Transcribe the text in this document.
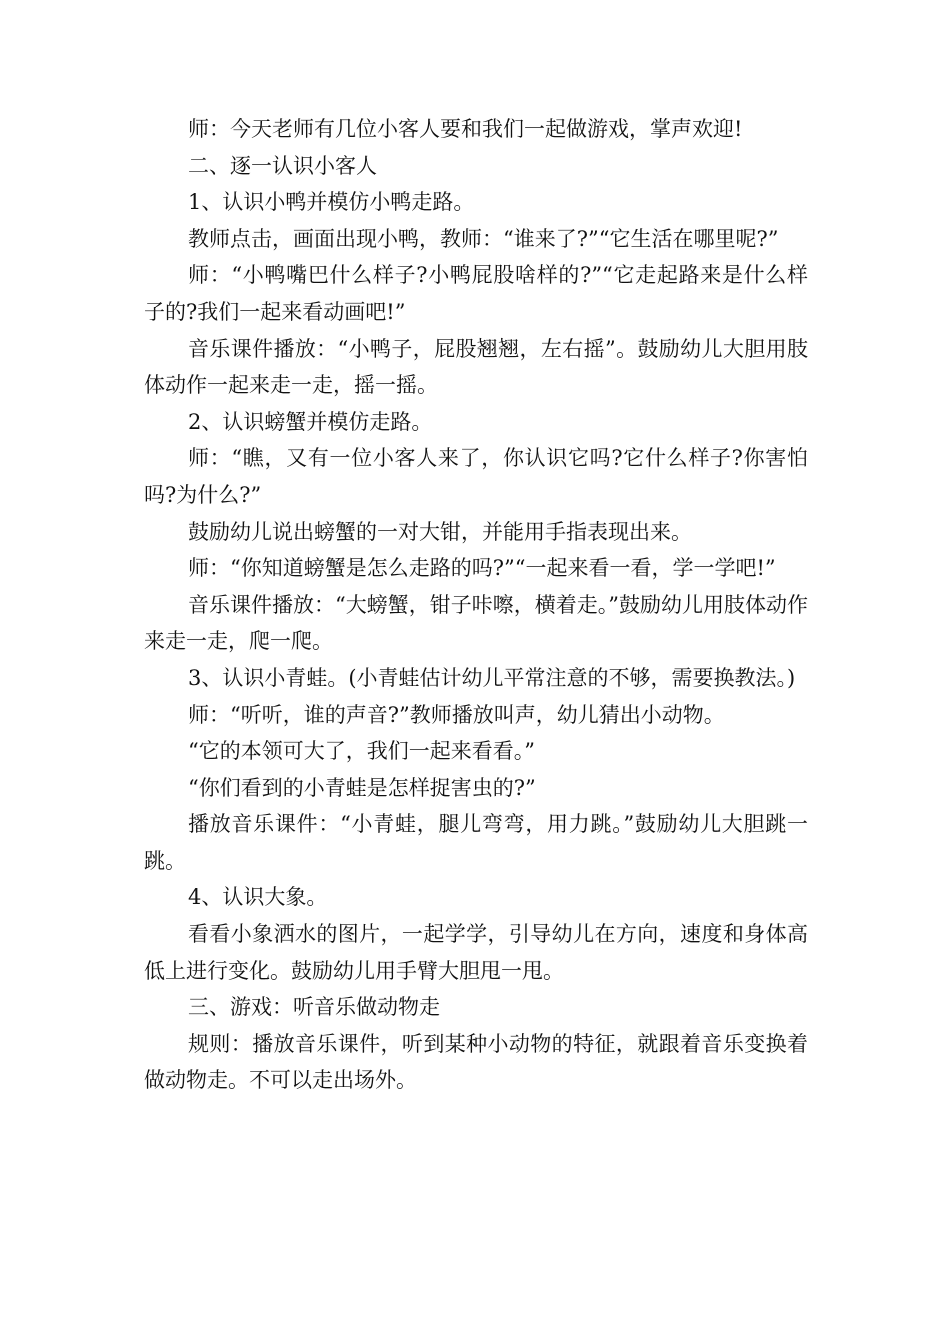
师：今天老师有几位小客人要和我们一起做游戏，掌声欢迎!

二、逐一认识小客人

1、认识小鸭并模仿小鸭走路。

教师点击，画面出现小鸭，教师：“谁来了?”“它生活在哪里呢?”

师：“小鸭嘴巴什么样子?小鸭屁股啥样的?”“它走起路来是什么样子的?我们一起来看动画吧!”

音乐课件播放：“小鸭子，屁股翘翘，左右摇”。鼓励幼儿大胆用肢体动作一起来走一走，摇一摇。

2、认识螃蟹并模仿走路。

师：“瞧，又有一位小客人来了，你认识它吗?它什么样子?你害怕吗?为什么?”

鼓励幼儿说出螃蟹的一对大钳，并能用手指表现出来。

师：“你知道螃蟹是怎么走路的吗?”“一起来看一看，学一学吧!”

音乐课件播放：“大螃蟹，钳子咔嚓，横着走。”鼓励幼儿用肢体动作来走一走，爬一爬。

3、认识小青蛙。(小青蛙估计幼儿平常注意的不够，需要换教法。)

师：“听听，谁的声音?”教师播放叫声，幼儿猜出小动物。

“它的本领可大了，我们一起来看看。”

“你们看到的小青蛙是怎样捉害虫的?”

播放音乐课件：“小青蛙，腿儿弯弯，用力跳。”鼓励幼儿大胆跳一跳。

4、认识大象。

看看小象洒水的图片，一起学学，引导幼儿在方向，速度和身体高低上进行变化。鼓励幼儿用手臂大胆甩一甩。

三、游戏：听音乐做动物走

规则：播放音乐课件，听到某种小动物的特征，就跟着音乐变换着做动物走。不可以走出场外。
